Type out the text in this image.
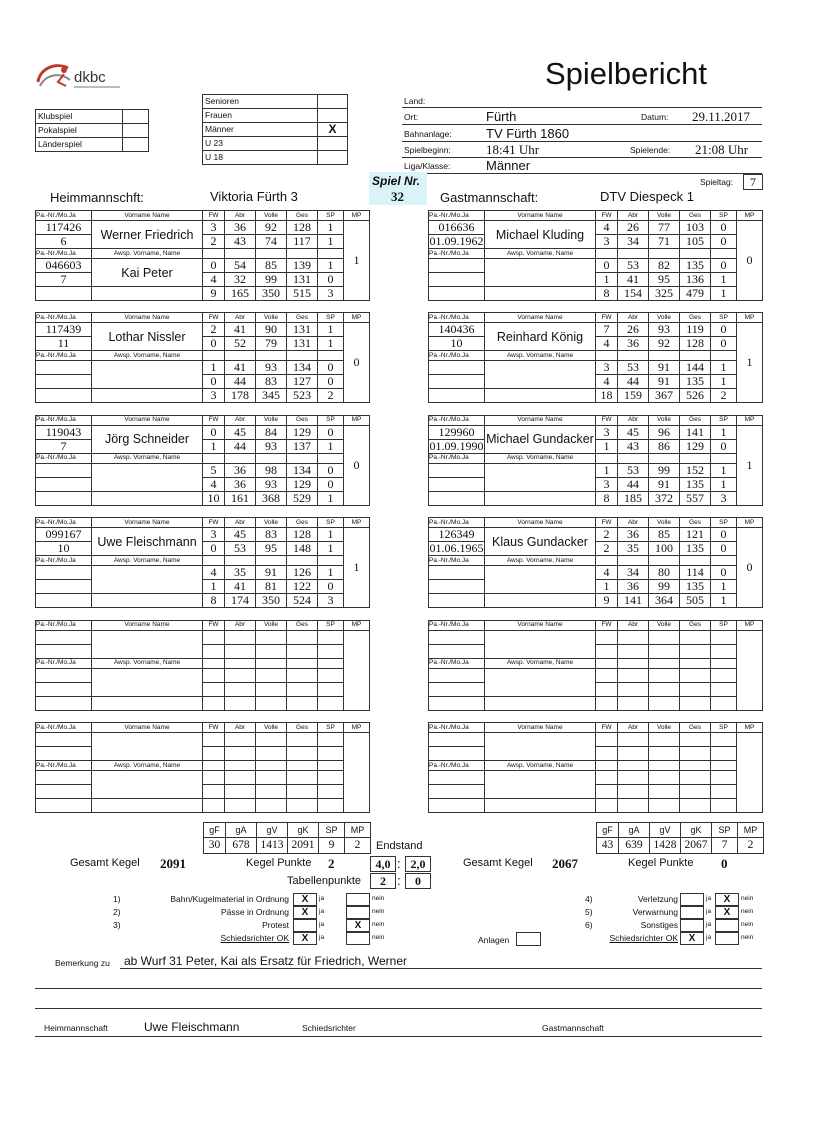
dkbc	Spielbericht
Klubspiel	
Pokalspiel	
Länderspiel	
Senioren	
Frauen	
Männer	X
U 23	
U 18	
Land:
Ort:	Fürth	Datum: 29.11.2017
Bahnanlage:	TV Fürth 1860
Spielbeginn:	18:41 Uhr	Spielende: 21:08 Uhr
Liga/Klasse:	Männer
Spiel Nr.
32
Spieltag:	7
Heimmannschft:	Viktoria Fürth 3	Gastmannschaft:	DTV Diespeck 1
Pa.-Nr./Mo.Ja	Vorname Name	FW	Abr	Volle	Ges	SP	MP
117426	Werner Friedrich	3	36	92	128	1	1
6		2	43	74	117	1	
Pa.-Nr./Mo.Ja	Awsp. Vorname, Name						
046603	Kai Peter	0	54	85	139	1	
7		4	32	99	131	0	
		9	165	350	515	3	
Pa.-Nr./Mo.Ja	Vorname Name	FW	Abr	Volle	Ges	SP	MP
117439	Lothar Nissler	2	41	90	131	1	0
11		0	52	79	131	1	
Pa.-Nr./Mo.Ja	Awsp. Vorname, Name						
		1	41	93	134	0	
		0	44	83	127	0	
		3	178	345	523	2	
Pa.-Nr./Mo.Ja	Vorname Name	FW	Abr	Volle	Ges	SP	MP
119043	Jörg Schneider	0	45	84	129	0	0
7		1	44	93	137	1	
Pa.-Nr./Mo.Ja	Awsp. Vorname, Name						
		5	36	98	134	0	
		4	36	93	129	0	
		10	161	368	529	1	
Pa.-Nr./Mo.Ja	Vorname Name	FW	Abr	Volle	Ges	SP	MP
099167	Uwe Fleischmann	3	45	83	128	1	1
10		0	53	95	148	1	
Pa.-Nr./Mo.Ja	Awsp. Vorname, Name						
		4	35	91	126	1	
		1	41	81	122	0	
		8	174	350	524	3	
Pa.-Nr./Mo.Ja	Vorname Name	FW	Abr	Volle	Ges	SP	MP

Pa.-Nr./Mo.Ja	Awsp. Vorname, Name						

Pa.-Nr./Mo.Ja	Vorname Name	FW	Abr	Volle	Ges	SP	MP

Pa.-Nr./Mo.Ja	Awsp. Vorname, Name						

Pa.-Nr./Mo.Ja	Vorname Name	FW	Abr	Volle	Ges	SP	MP
016636	Michael Kluding	4	26	77	103	0	0
01.09.1962		3	34	71	105	0	
Pa.-Nr./Mo.Ja	Awsp. Vorname, Name						
		0	53	82	135	0	
		1	41	95	136	1	
		8	154	325	479	1	
Pa.-Nr./Mo.Ja	Vorname Name	FW	Abr	Volle	Ges	SP	MP
140436	Reinhard König	7	26	93	119	0	1
10		4	36	92	128	0	
Pa.-Nr./Mo.Ja	Awsp. Vorname, Name						
		3	53	91	144	1	
		4	44	91	135	1	
		18	159	367	526	2	
Pa.-Nr./Mo.Ja	Vorname Name	FW	Abr	Volle	Ges	SP	MP
129960	Michael Gundacker	3	45	96	141	1	1
01.09.1990		1	43	86	129	0	
Pa.-Nr./Mo.Ja	Awsp. Vorname, Name						
		1	53	99	152	1	
		3	44	91	135	1	
		8	185	372	557	3	
Pa.-Nr./Mo.Ja	Vorname Name	FW	Abr	Volle	Ges	SP	MP
126349	Klaus Gundacker	2	36	85	121	0	0
01.06.1965		2	35	100	135	0	
Pa.-Nr./Mo.Ja	Awsp. Vorname, Name						
		4	34	80	114	0	
		1	36	99	135	1	
		9	141	364	505	1	
Pa.-Nr./Mo.Ja	Vorname Name	FW	Abr	Volle	Ges	SP	MP

Pa.-Nr./Mo.Ja	Awsp. Vorname, Name						

Pa.-Nr./Mo.Ja	Vorname Name	FW	Abr	Volle	Ges	SP	MP

Pa.-Nr./Mo.Ja	Awsp. Vorname, Name						

gF	gA	gV	gK	SP	MP
30	678	1413	2091	9	2
gF	gA	gV	gK	SP	MP
43	639	1428	2067	7	2
Endstand
Gesamt Kegel 2091	Kegel Punkte 2	4,0 : 2,0	Gesamt Kegel 2067	Kegel Punkte 0
Tabellenpunkte	2 :	0
1)	Bahn/Kugelmaterial in Ordnung	X	ja	nein
2)	Pässe in Ordnung	X	ja	nein
3)	Protest	ja	X	nein
Schiedsrichter OK	X	ja	nein
4)	Verletzung	ja	X	nein
5)	Verwarnung	ja	X	nein
6)	Sonstiges	ja	nein
Schiedsrichter OK	X	ja	nein
Anlagen
Bemerkung zu ab Wurf 31 Peter, Kai als Ersatz für Friedrich, Werner
Heimmannschaft	Uwe Fleischmann	Schiedsrichter	Gastmannschaft
